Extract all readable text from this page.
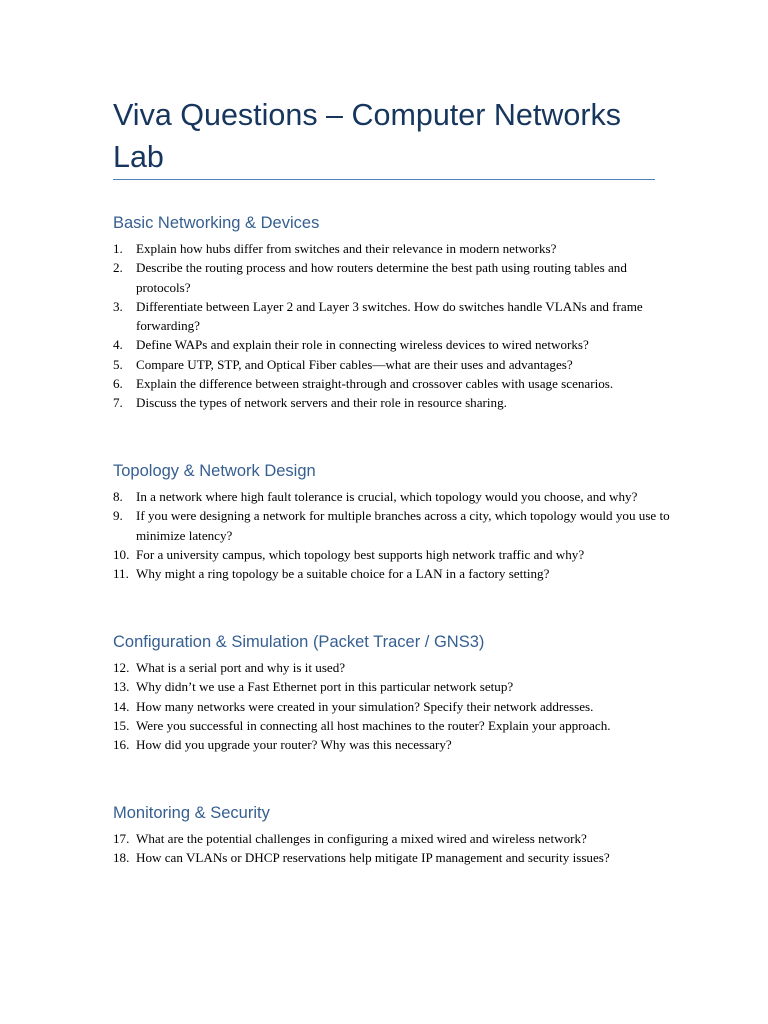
Viva Questions – Computer Networks Lab
Basic Networking & Devices
1. Explain how hubs differ from switches and their relevance in modern networks?
2. Describe the routing process and how routers determine the best path using routing tables and protocols?
3. Differentiate between Layer 2 and Layer 3 switches. How do switches handle VLANs and frame forwarding?
4. Define WAPs and explain their role in connecting wireless devices to wired networks?
5. Compare UTP, STP, and Optical Fiber cables—what are their uses and advantages?
6. Explain the difference between straight-through and crossover cables with usage scenarios.
7. Discuss the types of network servers and their role in resource sharing.
Topology & Network Design
8. In a network where high fault tolerance is crucial, which topology would you choose, and why?
9. If you were designing a network for multiple branches across a city, which topology would you use to minimize latency?
10. For a university campus, which topology best supports high network traffic and why?
11. Why might a ring topology be a suitable choice for a LAN in a factory setting?
Configuration & Simulation (Packet Tracer / GNS3)
12. What is a serial port and why is it used?
13. Why didn’t we use a Fast Ethernet port in this particular network setup?
14. How many networks were created in your simulation? Specify their network addresses.
15. Were you successful in connecting all host machines to the router? Explain your approach.
16. How did you upgrade your router? Why was this necessary?
Monitoring & Security
17. What are the potential challenges in configuring a mixed wired and wireless network?
18. How can VLANs or DHCP reservations help mitigate IP management and security issues?
